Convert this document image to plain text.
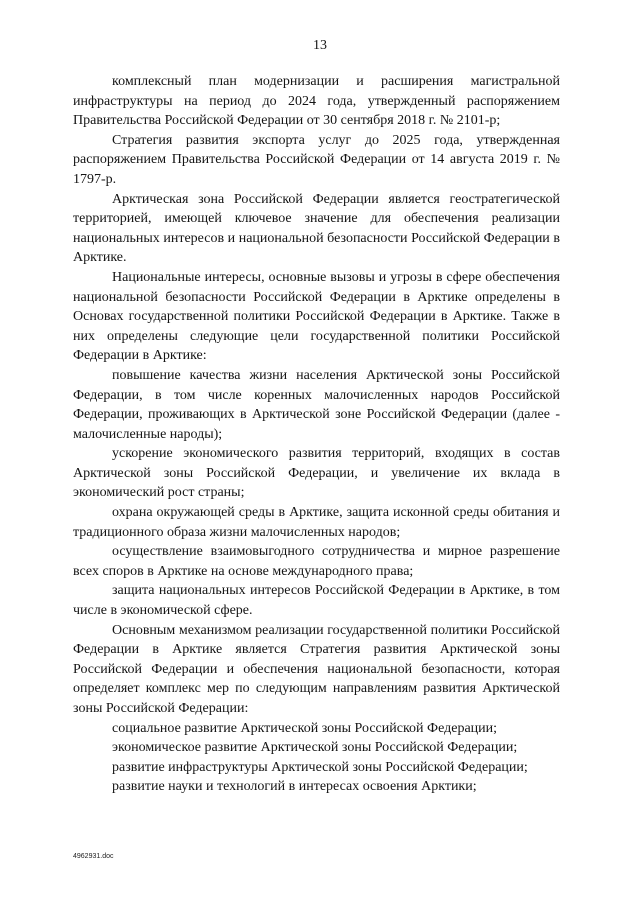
13

комплексный план модернизации и расширения магистральной инфраструктуры на период до 2024 года, утвержденный распоряжением Правительства Российской Федерации от 30 сентября 2018 г. № 2101-р;

Стратегия развития экспорта услуг до 2025 года, утвержденная распоряжением Правительства Российской Федерации от 14 августа 2019 г. № 1797-р.

Арктическая зона Российской Федерации является геостратегической территорией, имеющей ключевое значение для обеспечения реализации национальных интересов и национальной безопасности Российской Федерации в Арктике.

Национальные интересы, основные вызовы и угрозы в сфере обеспечения национальной безопасности Российской Федерации в Арктике определены в Основах государственной политики Российской Федерации в Арктике. Также в них определены следующие цели государственной политики Российской Федерации в Арктике:

повышение качества жизни населения Арктической зоны Российской Федерации, в том числе коренных малочисленных народов Российской Федерации, проживающих в Арктической зоне Российской Федерации (далее - малочисленные народы);

ускорение экономического развития территорий, входящих в состав Арктической зоны Российской Федерации, и увеличение их вклада в экономический рост страны;

охрана окружающей среды в Арктике, защита исконной среды обитания и традиционного образа жизни малочисленных народов;

осуществление взаимовыгодного сотрудничества и мирное разрешение всех споров в Арктике на основе международного права;

защита национальных интересов Российской Федерации в Арктике, в том числе в экономической сфере.

Основным механизмом реализации государственной политики Российской Федерации в Арктике является Стратегия развития Арктической зоны Российской Федерации и обеспечения национальной безопасности, которая определяет комплекс мер по следующим направлениям развития Арктической зоны Российской Федерации:

социальное развитие Арктической зоны Российской Федерации;

экономическое развитие Арктической зоны Российской Федерации;

развитие инфраструктуры Арктической зоны Российской Федерации;

развитие науки и технологий в интересах освоения Арктики;

4962931.doc
